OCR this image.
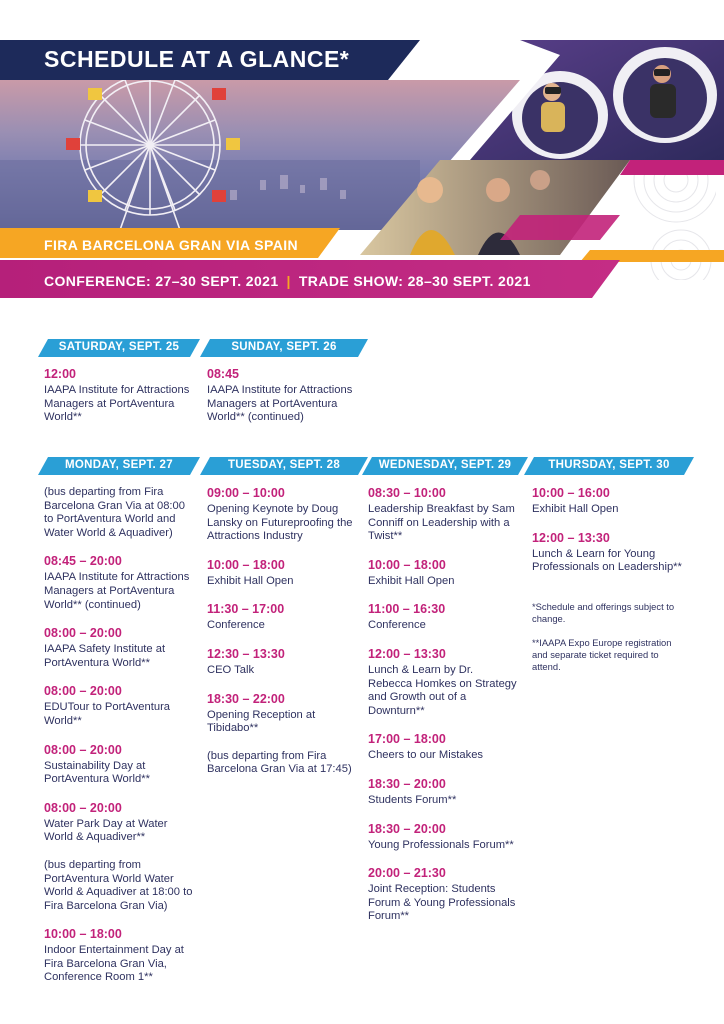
SCHEDULE AT A GLANCE*
FIRA BARCELONA GRAN VIA SPAIN
CONFERENCE: 27–30 SEPT. 2021 | TRADE SHOW: 28–30 SEPT. 2021
SATURDAY, SEPT. 25	SUNDAY, SEPT. 26
12:00
IAAPA Institute for Attractions Managers at PortAventura World**
08:45
IAAPA Institute for Attractions Managers at PortAventura World** (continued)
MONDAY, SEPT. 27	TUESDAY, SEPT. 28	WEDNESDAY, SEPT. 29	THURSDAY, SEPT. 30
(bus departing from Fira Barcelona Gran Via at 08:00 to PortAventura World and Water World & Aquadiver)
08:45 – 20:00
IAAPA Institute for Attractions Managers at PortAventura World** (continued)
08:00 – 20:00
IAAPA Safety Institute at PortAventura World**
08:00 – 20:00
EDUTour to PortAventura World**
08:00 – 20:00
Sustainability Day at PortAventura World**
08:00 – 20:00
Water Park Day at Water World & Aquadiver**
(bus departing from PortAventura World Water World & Aquadiver at 18:00 to Fira Barcelona Gran Via)
10:00 – 18:00
Indoor Entertainment Day at Fira Barcelona Gran Via, Conference Room 1**
09:00 – 10:00
Opening Keynote by Doug Lansky on Futureproofing the Attractions Industry
10:00 – 18:00
Exhibit Hall Open
11:30 – 17:00
Conference
12:30 – 13:30
CEO Talk
18:30 – 22:00
Opening Reception at Tibidabo**
(bus departing from Fira Barcelona Gran Via at 17:45)
08:30 – 10:00
Leadership Breakfast by Sam Conniff on Leadership with a Twist**
10:00 – 18:00
Exhibit Hall Open
11:00 – 16:30
Conference
12:00 – 13:30
Lunch & Learn by Dr. Rebecca Homkes on Strategy and Growth out of a Downturn**
17:00 – 18:00
Cheers to our Mistakes
18:30 – 20:00
Students Forum**
18:30 – 20:00
Young Professionals Forum**
20:00 – 21:30
Joint Reception: Students Forum & Young Professionals Forum**
10:00 – 16:00
Exhibit Hall Open
12:00 – 13:30
Lunch & Learn for Young Professionals on Leadership**
*Schedule and offerings subject to change.
**IAAPA Expo Europe registration and separate ticket required to attend.
